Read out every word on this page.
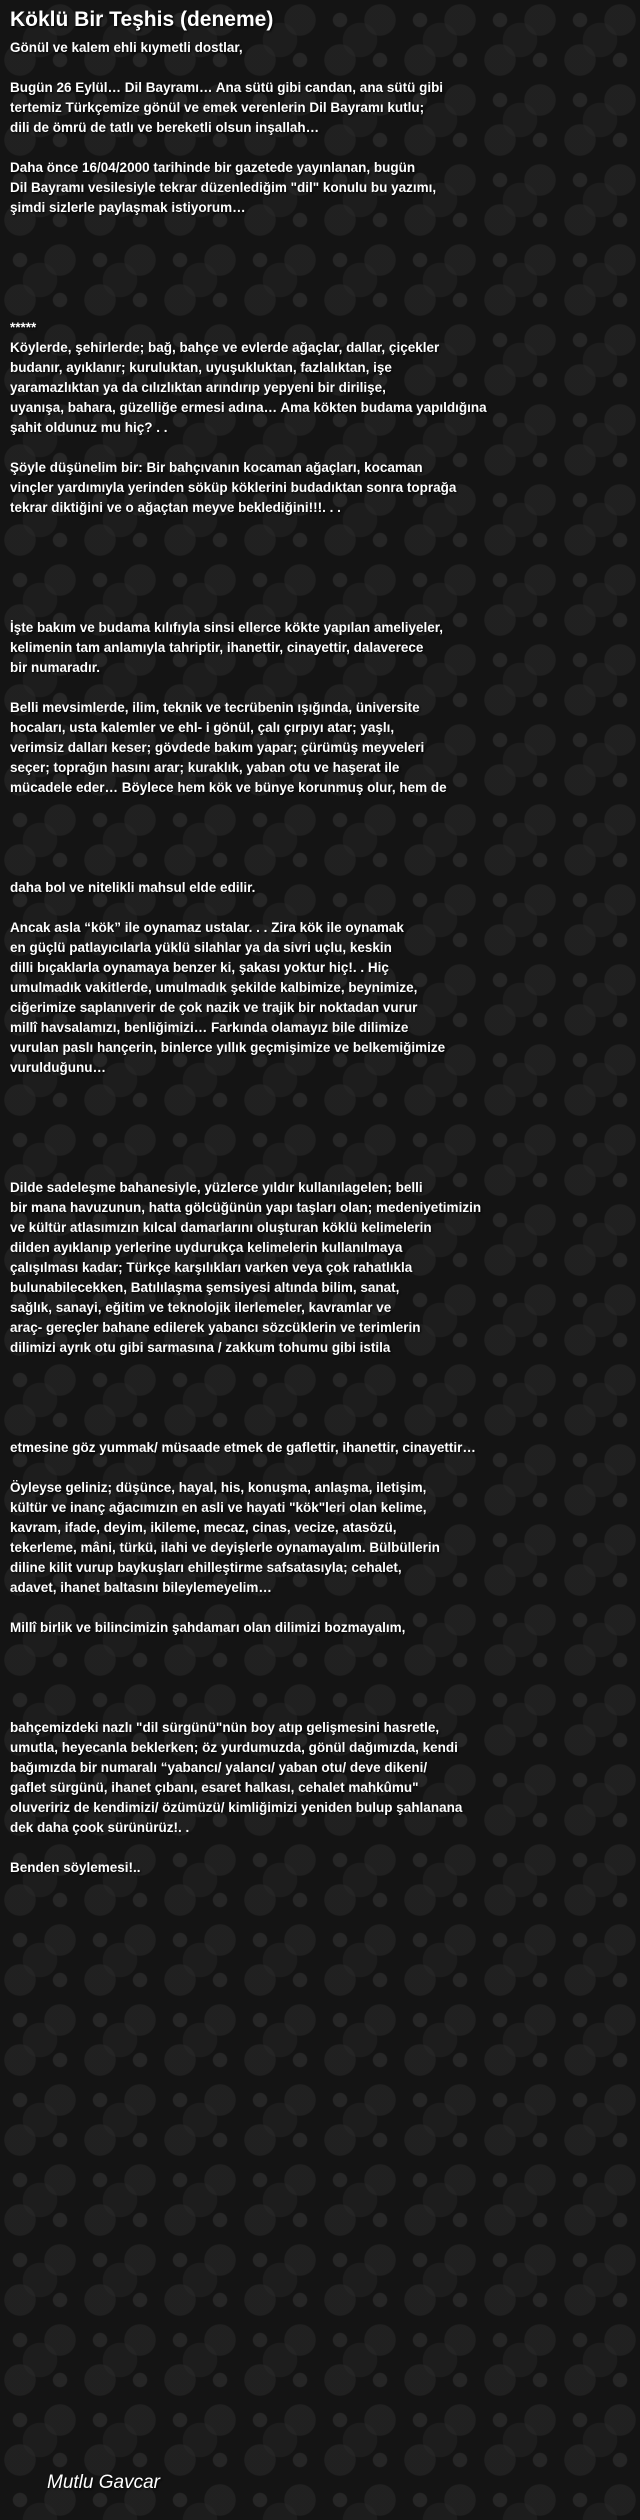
Köklü Bir Teşhis (deneme)
Gönül ve kalem ehli kıymetli dostlar,

Bugün 26 Eylül… Dil Bayramı… Ana sütü gibi candan, ana sütü gibi
tertemiz Türkçemize gönül ve emek verenlerin Dil Bayramı kutlu;
dili de ömrü de tatlı ve bereketli olsun inşallah…

Daha önce 16/04/2000 tarihinde bir gazetede yayınlanan, bugün
Dil Bayramı vesilesiyle tekrar düzenlediğim "dil" konulu bu yazımı,
şimdi sizlerle paylaşmak istiyorum…

*****
Köylerde, şehirlerde; bağ, bahçe ve evlerde ağaçlar, dallar, çiçekler
budanır, ayıklanır; kuruluktan, uyuşukluktan, fazlalıktan, işe
yaramazlıktan ya da cılızlıktan arındırıp yepyeni bir dirilişe,
uyanışa, bahara, güzelliğe ermesi adına… Ama kökten budama yapıldığına
şahit oldunuz mu hiç? . .

Şöyle düşünelim bir: Bir bahçıvanın kocaman ağaçları, kocaman
vinçler yardımıyla yerinden söküp köklerini budadıktan sonra toprağa
tekrar diktiğini ve o ağaçtan meyve beklediğini!!!. . .

İşte bakım ve budama kılıfıyla sinsi ellerce kökte yapılan ameliyeler,
kelimenin tam anlamıyla tahriptir, ihanettir, cinayettir, dalaverece
bir numaradır.

Belli mevsimlerde, ilim, teknik ve tecrübenin ışığında, üniversite
hocaları, usta kalemler ve ehl- i gönül, çalı çırpıyı atar; yaşlı,
verimsiz dalları keser; gövdede bakım yapar; çürümüş meyveleri
seçer; toprağın hasını arar; kuraklık, yaban otu ve haşerat ile
mücadele eder… Böylece hem kök ve bünye korunmuş olur, hem de

daha bol ve nitelikli mahsul elde edilir.

Ancak asla “kök” ile oynamaz ustalar. . . Zira kök ile oynamak
en güçlü patlayıcılarla yüklü silahlar ya da sivri uçlu, keskin
dilli bıçaklarla oynamaya benzer ki, şakası yoktur hiç!. . Hiç
umulmadık vakitlerde, umulmadık şekilde kalbimize, beynimize,
ciğerimize saplanıverir de çok nazik ve trajik bir noktadan vurur
millî havsalamızı, benliğimizi… Farkında olamayız bile dilimize
vurulan paslı hançerin, binlerce yıllık geçmişimize ve belkemiğimize
vurulduğunu…

Dilde sadeleşme bahanesiyle, yüzlerce yıldır kullanılagelen; belli
bir mana havuzunun, hatta gölcüğünün yapı taşları olan; medeniyetimizin
ve kültür atlasımızın kılcal damarlarını oluşturan köklü kelimelerin
dilden ayıklanıp yerlerine uydurukça kelimelerin kullanılmaya
çalışılması kadar; Türkçe karşılıkları varken veya çok rahatlıkla
bulunabilecekken, Batılılaşma şemsiyesi altında bilim, sanat,
sağlık, sanayi, eğitim ve teknolojik ilerlemeler, kavramlar ve
araç- gereçler bahane edilerek yabancı sözcüklerin ve terimlerin
dilimizi ayrık otu gibi sarmasına / zakkum tohumu gibi istila

etmesine göz yummak/ müsaade etmek de gaflettir, ihanettir, cinayettir…

Öyleyse geliniz; düşünce, hayal, his, konuşma, anlaşma, iletişim,
kültür ve inanç ağacımızın en asli ve hayati "kök"leri olan kelime,
kavram, ifade, deyim, ikileme, mecaz, cinas, vecize, atasözü,
tekerleme, mâni, türkü, ilahi ve deyişlerle oynamayalım. Bülbüllerin
diline kilit vurup baykuşları ehilleştirme safsatasıyla; cehalet,
adavet, ihanet baltasını bileylemeyelim…

Millî birlik ve bilincimizin şahdamarı olan dilimizi bozmayalım,

bahçemizdeki nazlı "dil sürgünü"nün boy atıp gelişmesini hasretle,
umutla, heyecanla beklerken; öz yurdumuzda, gönül dağımızda, kendi
bağımızda bir numaralı “yabancı/ yalancı/ yaban otu/ deve dikeni/
gaflet sürgünü, ihanet çıbanı, esaret halkası, cehalet mahkûmu"
oluveririz de kendimizi/ özümüzü/ kimliğimizi yeniden bulup şahlanana
dek daha çook sürünürüz!. .

Benden söylemesi!..
Mutlu Gavcar
